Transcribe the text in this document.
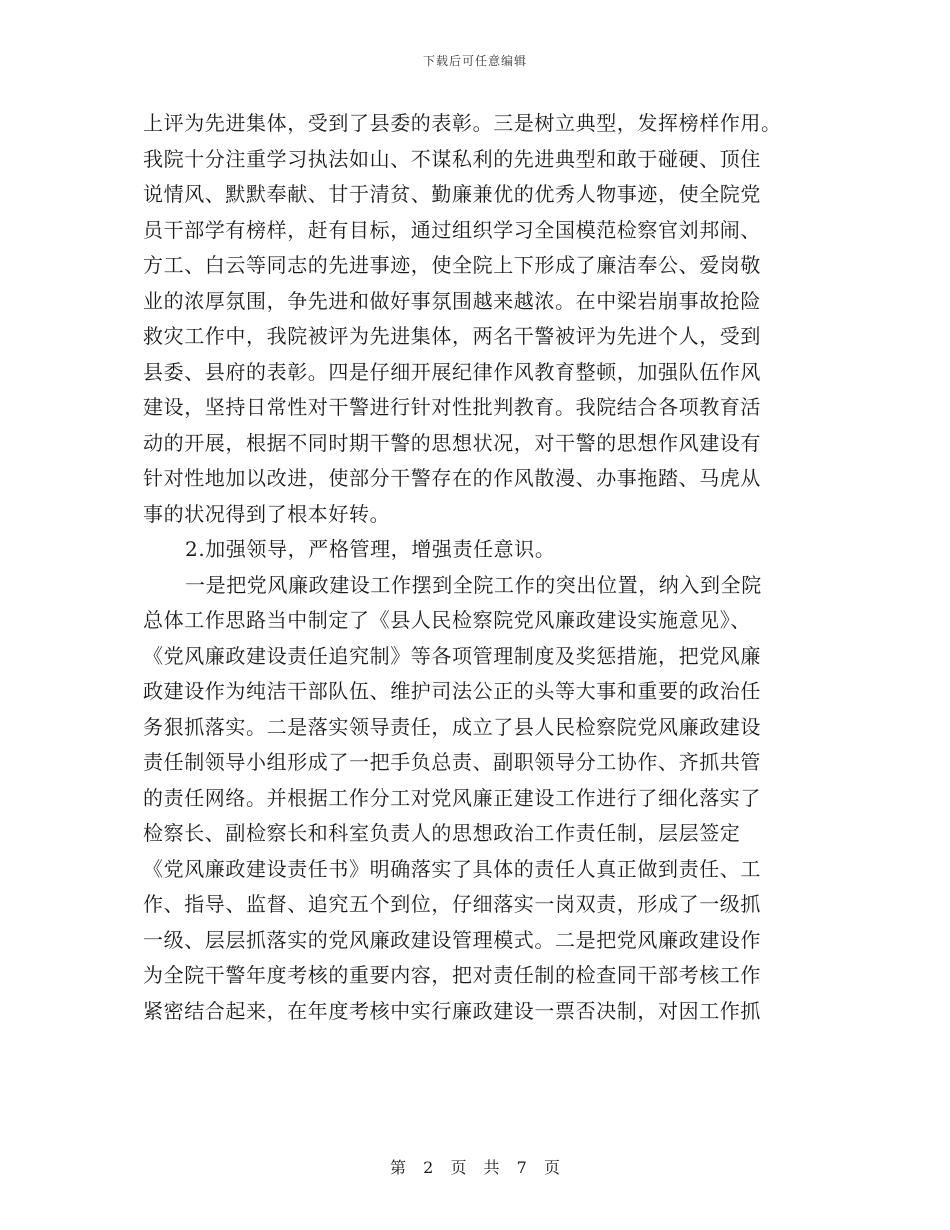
下载后可任意编辑
上评为先进集体，受到了县委的表彰。三是树立典型，发挥榜样作用。
我院十分注重学习执法如山、不谋私利的先进典型和敢于碰硬、顶住
说情风、默默奉献、甘于清贫、勤廉兼优的优秀人物事迹，使全院党
员干部学有榜样，赶有目标，通过组织学习全国模范检察官刘邦闹、
方工、白云等同志的先进事迹，使全院上下形成了廉洁奉公、爱岗敬
业的浓厚氛围，争先进和做好事氛围越来越浓。在中梁岩崩事故抢险
救灾工作中，我院被评为先进集体，两名干警被评为先进个人，受到
县委、县府的表彰。四是仔细开展纪律作风教育整顿，加强队伍作风
建设，坚持日常性对干警进行针对性批判教育。我院结合各项教育活
动的开展，根据不同时期干警的思想状况，对干警的思想作风建设有
针对性地加以改进，使部分干警存在的作风散漫、办事拖踏、马虎从
事的状况得到了根本好转。
2.加强领导，严格管理，增强责任意识。
一是把党风廉政建设工作摆到全院工作的突出位置，纳入到全院
总体工作思路当中制定了《县人民检察院党风廉政建设实施意见》、
《党风廉政建设责任追究制》等各项管理制度及奖惩措施，把党风廉
政建设作为纯洁干部队伍、维护司法公正的头等大事和重要的政治任
务狠抓落实。二是落实领导责任，成立了县人民检察院党风廉政建设
责任制领导小组形成了一把手负总责、副职领导分工协作、齐抓共管
的责任网络。并根据工作分工对党风廉正建设工作进行了细化落实了
检察长、副检察长和科室负责人的思想政治工作责任制，层层签定
《党风廉政建设责任书》明确落实了具体的责任人真正做到责任、工
作、指导、监督、追究五个到位，仔细落实一岗双责，形成了一级抓
一级、层层抓落实的党风廉政建设管理模式。二是把党风廉政建设作
为全院干警年度考核的重要内容，把对责任制的检查同干部考核工作
紧密结合起来，在年度考核中实行廉政建设一票否决制，对因工作抓
第 2 页 共 7 页
